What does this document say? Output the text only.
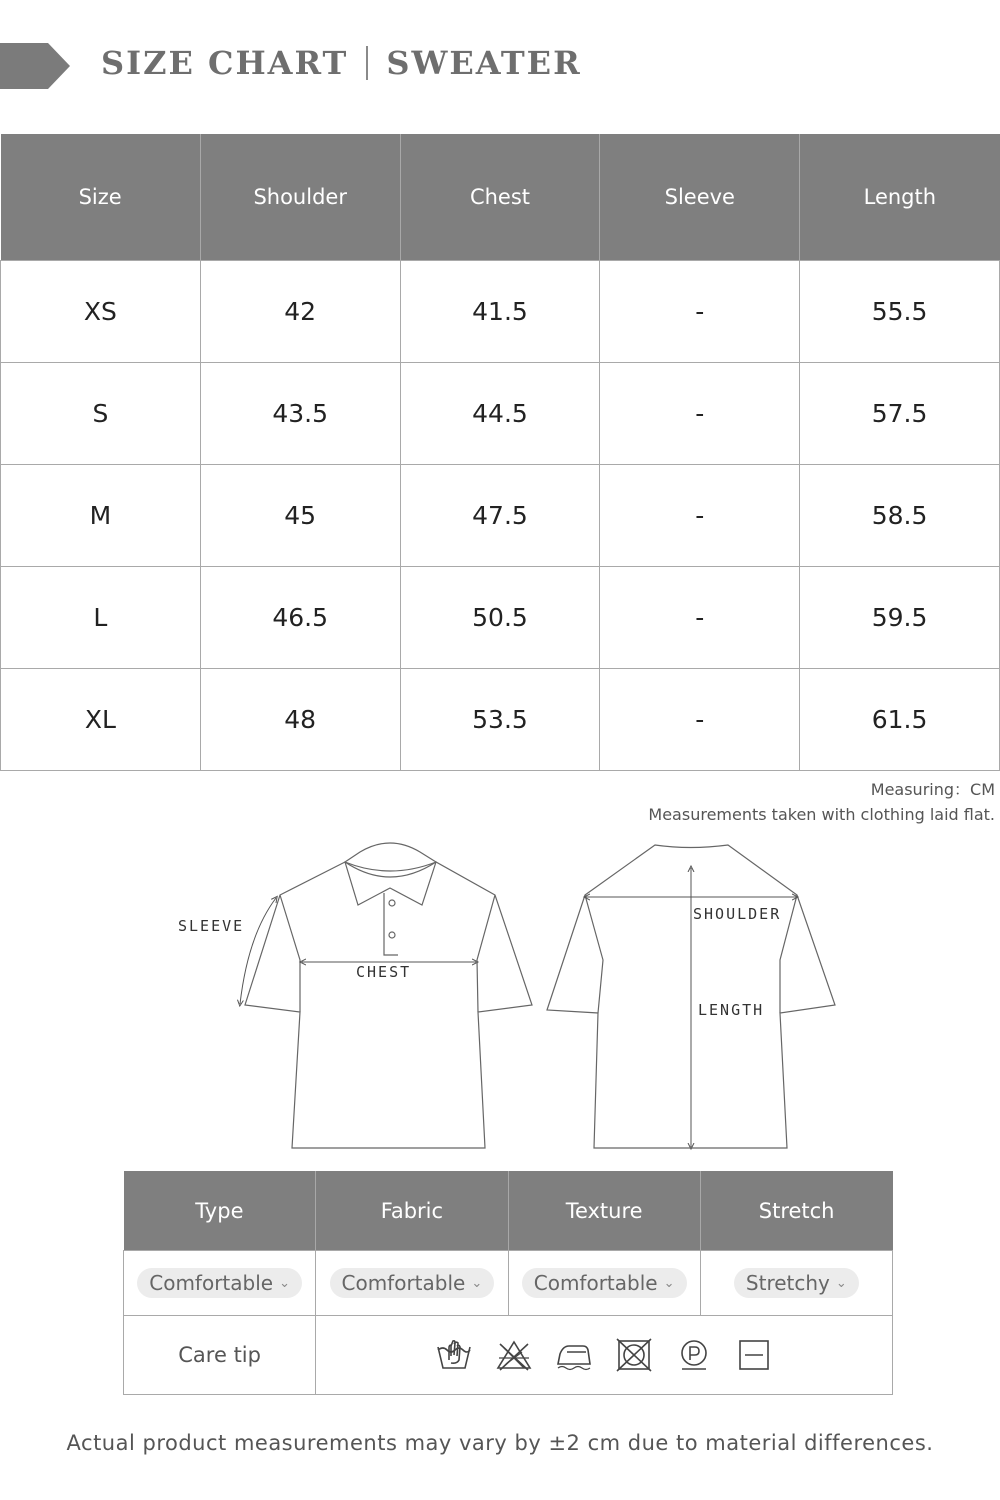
SIZE CHART SWEATER
Size	Shoulder	Chest	Sleeve	Length
XS	42	41.5	-	55.5
S	43.5	44.5	-	57.5
M	45	47.5	-	58.5
L	46.5	50.5	-	59.5
XL	48	53.5	-	61.5
Measuring：CM
Measurements taken with clothing laid flat.
SLEEVE
CHEST
SHOULDER
LENGTH
Type	Fabric	Texture	Stretch

Comfortable ⌄	Comfortable ⌄	Comfortable ⌄	Stretchy ⌄

Care tip	
Actual product measurements may vary by ±2 cm due to material differences.
